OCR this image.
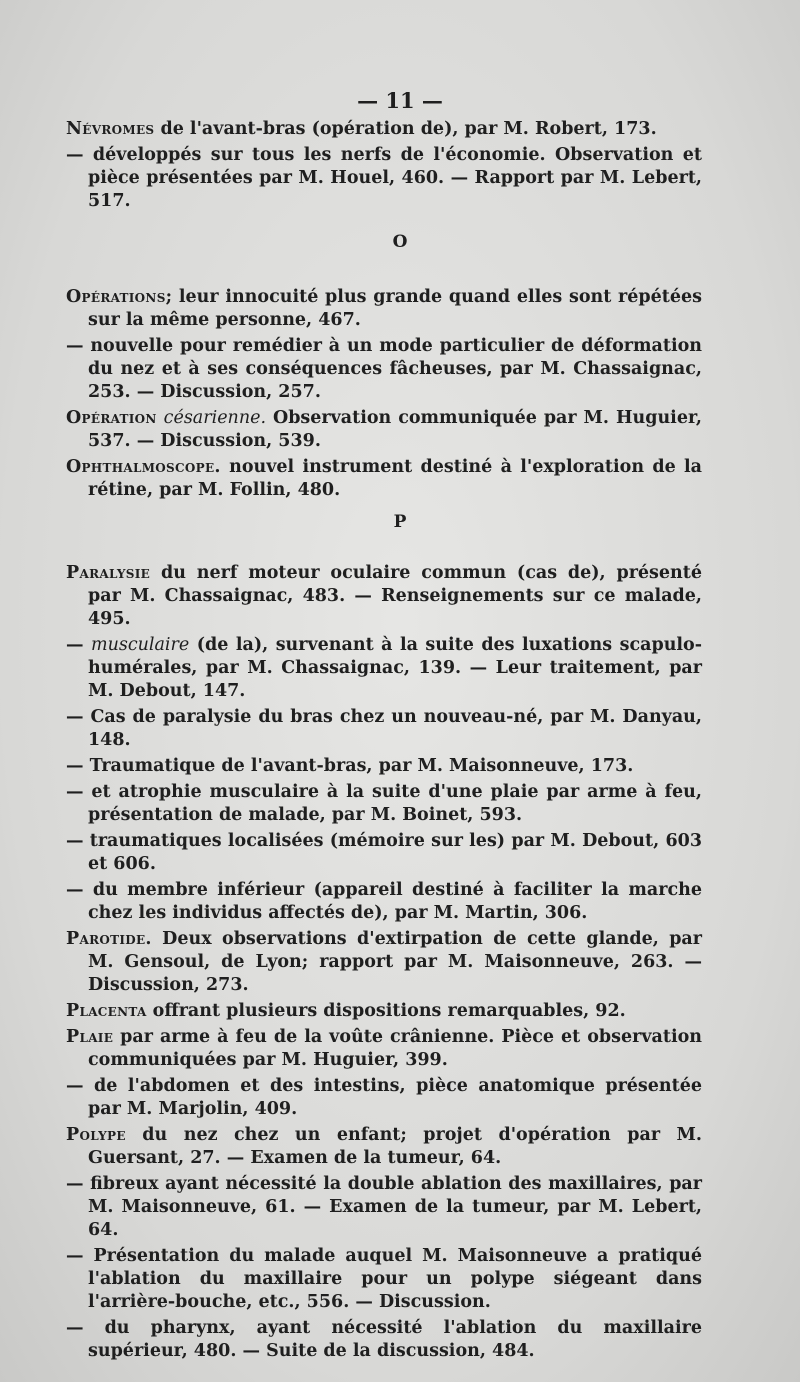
— 11 —

Névromes de l'avant-bras (opération de), par M. Robert, 173.

— développés sur tous les nerfs de l'économie. Observation et pièce présentées par M. Houel, 460. — Rapport par M. Lebert, 517.

O

Opérations; leur innocuité plus grande quand elles sont répétées sur la même personne, 467.

— nouvelle pour remédier à un mode particulier de déformation du nez et à ses conséquences fâcheuses, par M. Chassaignac, 253. — Discussion, 257.

Opération césarienne. Observation communiquée par M. Huguier, 537. — Discussion, 539.

Ophthalmoscope. nouvel instrument destiné à l'exploration de la rétine, par M. Follin, 480.

P

Paralysie du nerf moteur oculaire commun (cas de), présenté par M. Chassaignac, 483. — Renseignements sur ce malade, 495.

— musculaire (de la), survenant à la suite des luxations scapulo-humérales, par M. Chassaignac, 139. — Leur traitement, par M. Debout, 147.

— Cas de paralysie du bras chez un nouveau-né, par M. Danyau, 148.

— Traumatique de l'avant-bras, par M. Maisonneuve, 173.

— et atrophie musculaire à la suite d'une plaie par arme à feu, présentation de malade, par M. Boinet, 593.

— traumatiques localisées (mémoire sur les) par M. Debout, 603 et 606.

— du membre inférieur (appareil destiné à faciliter la marche chez les individus affectés de), par M. Martin, 306.

Parotide. Deux observations d'extirpation de cette glande, par M. Gensoul, de Lyon; rapport par M. Maisonneuve, 263. — Discussion, 273.

Placenta offrant plusieurs dispositions remarquables, 92.

Plaie par arme à feu de la voûte crânienne. Pièce et observation communiquées par M. Huguier, 399.

— de l'abdomen et des intestins, pièce anatomique présentée par M. Marjolin, 409.

Polype du nez chez un enfant; projet d'opération par M. Guersant, 27. — Examen de la tumeur, 64.

— fibreux ayant nécessité la double ablation des maxillaires, par M. Maisonneuve, 61. — Examen de la tumeur, par M. Lebert, 64.

— Présentation du malade auquel M. Maisonneuve a pratiqué l'ablation du maxillaire pour un polype siégeant dans l'arrière-bouche, etc., 556. — Discussion.

— du pharynx, ayant nécessité l'ablation du maxillaire supérieur, 480. — Suite de la discussion, 484.
